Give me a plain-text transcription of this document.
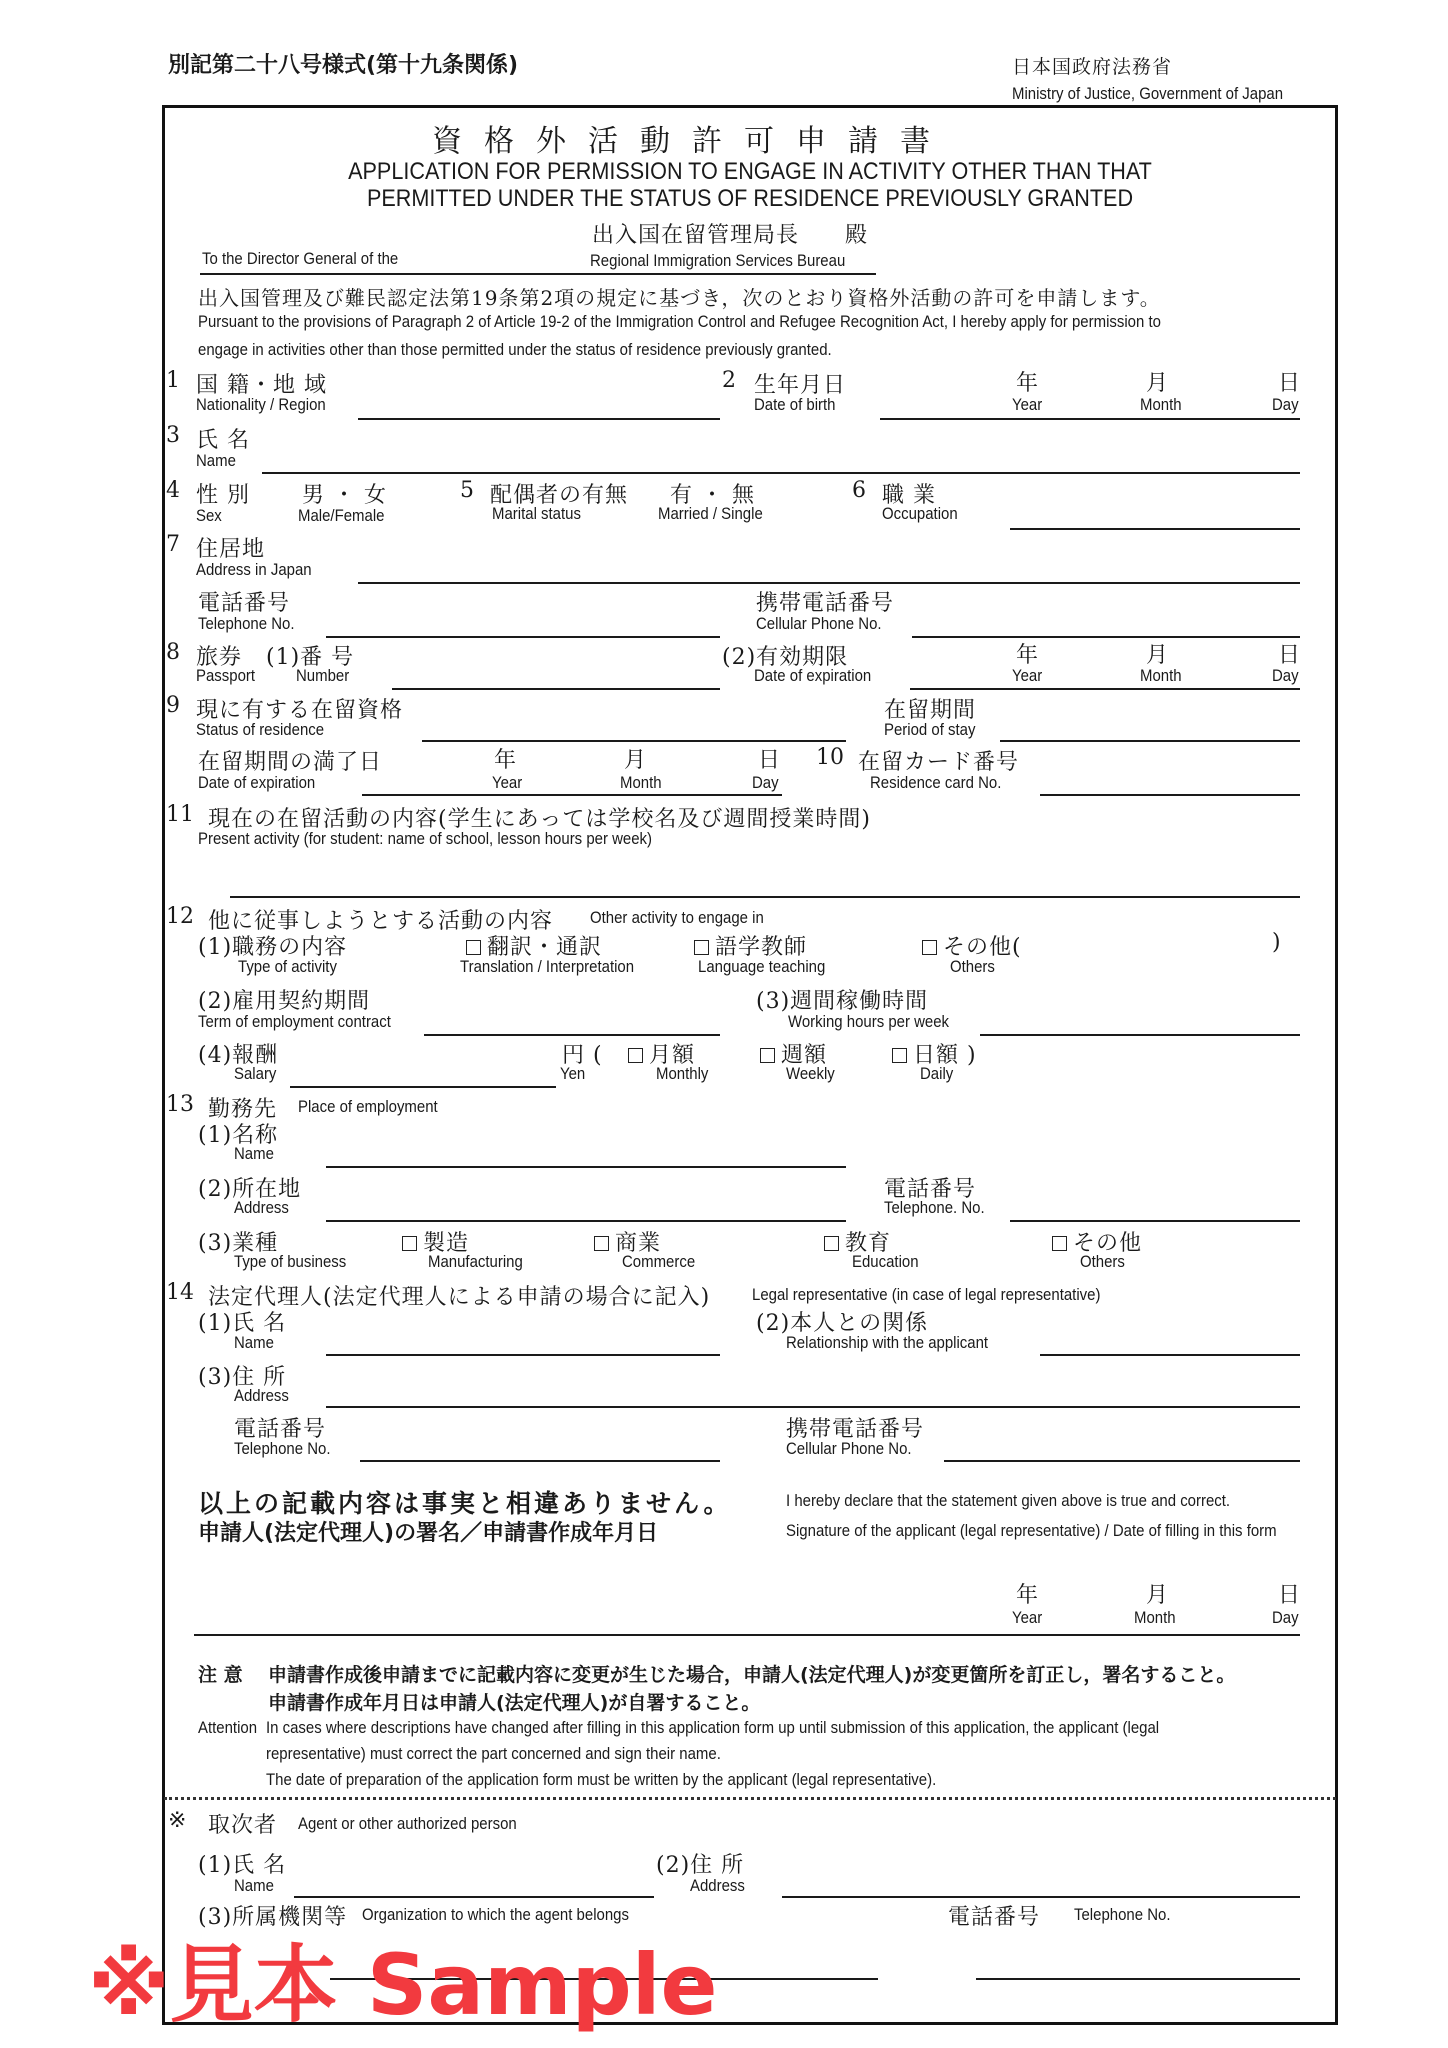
別記第二十八号様式(第十九条関係)	日本国政府法務省
Ministry of Justice, Government of Japan
資格外活動許可申請書
APPLICATION FOR PERMISSION TO ENGAGE IN ACTIVITY OTHER THAN THAT
PERMITTED UNDER THE STATUS OF RESIDENCE PREVIOUSLY GRANTED
出入国在留管理局長　　殿
To the Director General of the	Regional Immigration Services Bureau
出入国管理及び難民認定法第19条第2項の規定に基づき，次のとおり資格外活動の許可を申請します。
Pursuant to the provisions of Paragraph 2 of Article 19-2 of the Immigration Control and Refugee Recognition Act, I hereby apply for permission to
engage in activities other than those permitted under the status of residence previously granted.
1 国 籍・地 域
Nationality / Region
2 生年月日
Date of birth
年	月	日
Year	Month	Day
3 氏 名
Name
4 性 別
Sex
男 ・ 女
Male/Female
5 配偶者の有無
Marital status
有 ・ 無
Married / Single
6 職 業
Occupation
7 住居地
Address in Japan
電話番号
Telephone No.
携帯電話番号
Cellular Phone No.
8 旅券
Passport
(1)番 号
Number
(2)有効期限
Date of expiration
年	月	日
Year	Month	Day
9 現に有する在留資格
Status of residence
在留期間
Period of stay
在留期間の満了日
Date of expiration
年	月	日
Year	Month	Day
10 在留カード番号
Residence card No.
11 現在の在留活動の内容(学生にあっては学校名及び週間授業時間)
Present activity (for student: name of school, lesson hours per week)
12 他に従事しようとする活動の内容 Other activity to engage in
(1)職務の内容
Type of activity
翻訳・通訳
Translation / Interpretation
語学教師
Language teaching
その他(	)
Others
(2)雇用契約期間
Term of employment contract
(3)週間稼働時間
Working hours per week
(4)報酬
Salary
円 (
Yen
月額
Monthly
週額
Weekly
日額 )
Daily
13 勤務先 Place of employment
(1)名称
Name
(2)所在地
Address
電話番号
Telephone. No.
(3)業種
Type of business
製造
Manufacturing
商業
Commerce
教育
Education
その他
Others
14 法定代理人(法定代理人による申請の場合に記入) Legal representative (in case of legal representative)
(1)氏 名
Name
(2)本人との関係
Relationship with the applicant
(3)住 所
Address
電話番号
Telephone No.
携帯電話番号
Cellular Phone No.
以上の記載内容は事実と相違ありません。	I hereby declare that the statement given above is true and correct.
申請人(法定代理人)の署名／申請書作成年月日	Signature of the applicant (legal representative) / Date of filling in this form
年	月	日
Year	Month	Day
注 意 申請書作成後申請までに記載内容に変更が生じた場合，申請人(法定代理人)が変更箇所を訂正し，署名すること。
申請書作成年月日は申請人(法定代理人)が自署すること。
Attention In cases where descriptions have changed after filling in this application form up until submission of this application, the applicant (legal
representative) must correct the part concerned and sign their name.
The date of preparation of the application form must be written by the applicant (legal representative).
※ 取次者 Agent or other authorized person
(1)氏 名
Name
(2)住 所
Address
(3)所属機関等 Organization to which the agent belongs	電話番号 Telephone No.
※見本 Sample
